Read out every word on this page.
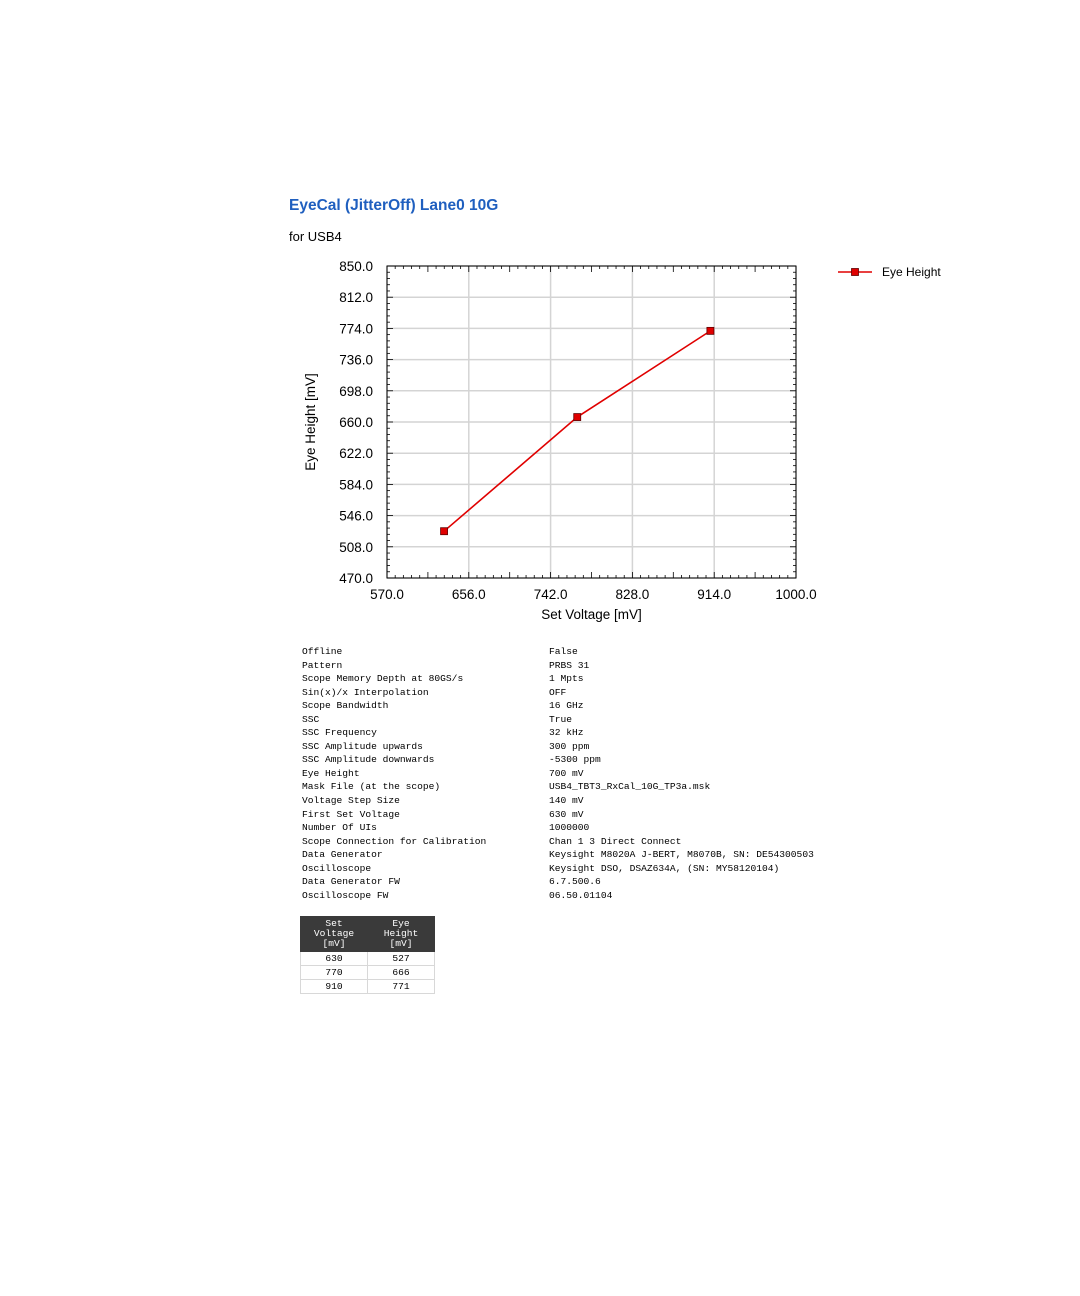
EyeCal (JitterOff) Lane0 10G

for USB4

570.0	656.0	742.0	828.0	914.0	1000.0
470.0
508.0
546.0
584.0
622.0
660.0
698.0
736.0
774.0
812.0
850.0
Set Voltage [mV]
Eye Height [mV]
Eye Height
Offline	False
Pattern	PRBS 31
Scope Memory Depth at 80GS/s	1 Mpts
Sin(x)/x Interpolation	OFF
Scope Bandwidth	16 GHz
SSC	True
SSC Frequency	32 kHz
SSC Amplitude upwards	300 ppm
SSC Amplitude downwards	-5300 ppm
Eye Height	700 mV
Mask File (at the scope)	USB4_TBT3_RxCal_10G_TP3a.msk
Voltage Step Size	140 mV
First Set Voltage	630 mV
Number Of UIs	1000000
Scope Connection for Calibration	Chan 1 3 Direct Connect
Data Generator	Keysight M8020A J-BERT, M8070B, SN: DE54300503
Oscilloscope	Keysight DSO, DSAZ634A, (SN: MY58120104)
Data Generator FW	6.7.500.6
Oscilloscope FW	06.50.01104
Set
Voltage
[mV]	Eye
Height
[mV]

630	527
770	666
910	771
